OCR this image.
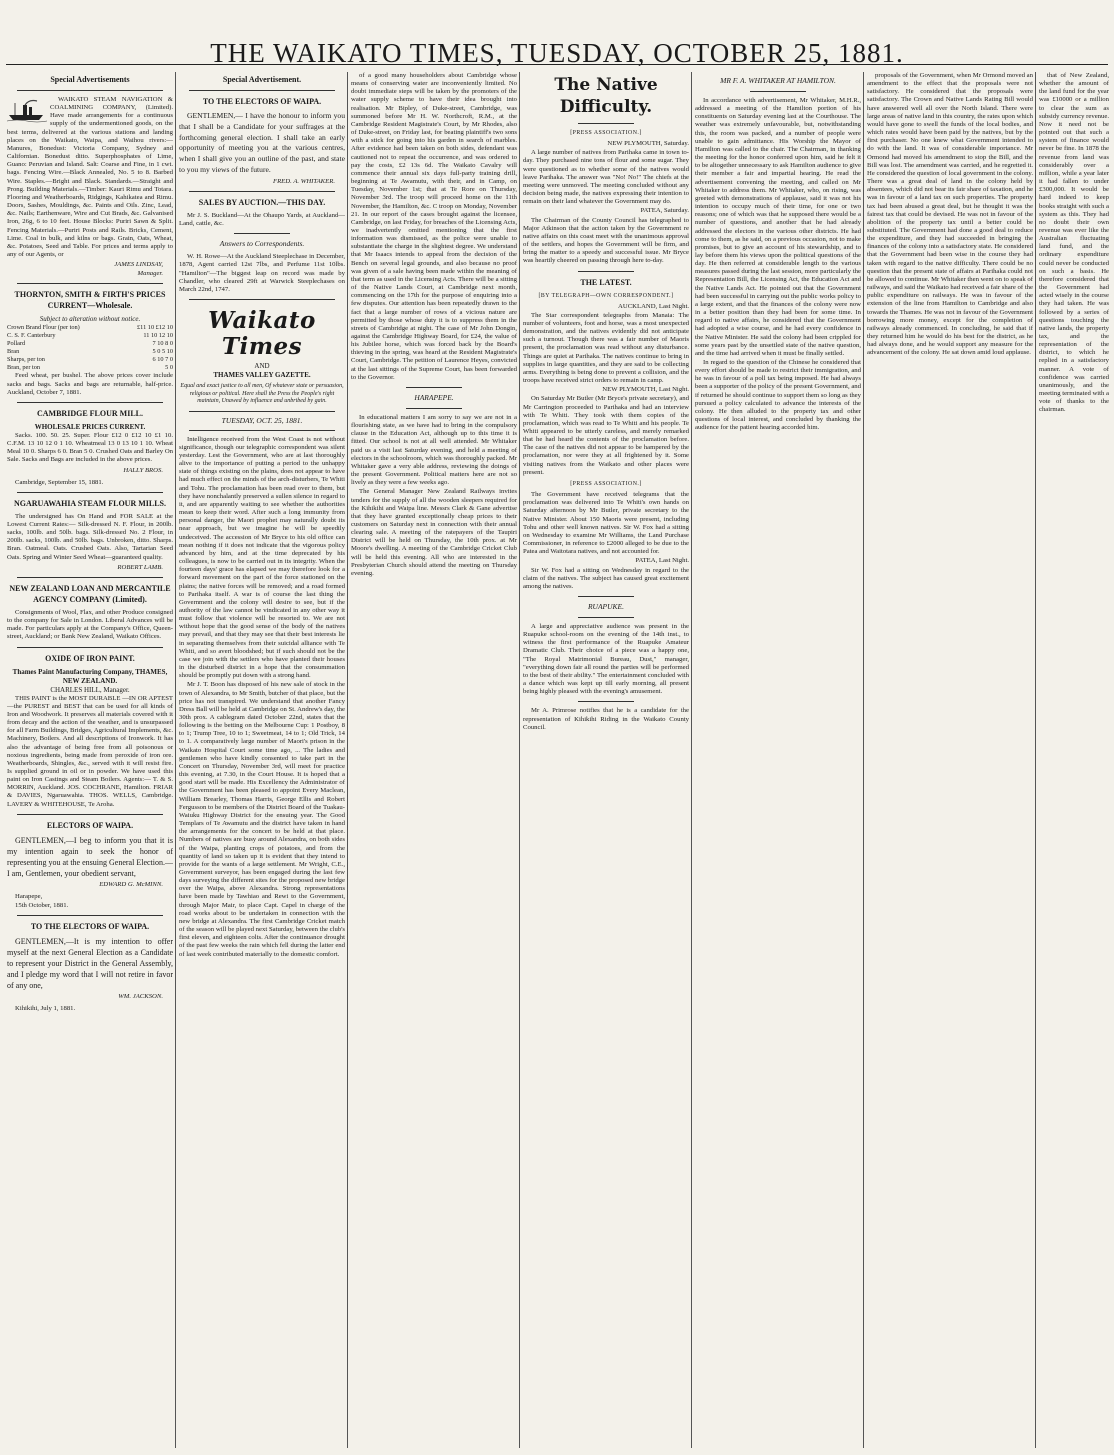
THE WAIKATO TIMES, TUESDAY, OCTOBER 25, 1881.
Special Advertisements
WAIKATO STEAM NAVIGATION & COALMINING COMPANY, (Limited). Have made arrangements for a continuous supply of the undermentioned goods, on the best terms, delivered at the various stations and landing places on the Waikato, Waipa, and Waihou rivers:— Manures, Bonedust: Victoria Company, Sydney and Californian. Bonedust ditto. Superphosphates of Lime, Guano: Peruvian and Island. Salt: Coarse and Fine, in 1 cwt. bags. Fencing Wire.—Black Annealed, No. 5 to 8. Barbed Wire. Staples.—Bright and Black. Standards.—Straight and Prong. Building Materials.—Timber: Kauri Rimu and Totara. Flooring and Weatherboards, Ridgings, Kahikatea and Rimu. Doors, Sashes, Mouldings, &c. Paints and Oils. Zinc, Lead, &c. Nails; Earthenware, Wire and Cut Brads, &c. Galvanised Iron, 26g, 6 to 10 feet. House Blocks: Puriri Sawn & Split. Fencing Materials.—Puriri Posts and Rails. Bricks, Cement, Lime. Coal in bulk, and kilns or bags. Grain, Oats, Wheat, &c. Potatoes, Seed and Table. For prices and terms apply to any of our Agents, or
JAMES LINDSAY,
Manager.
THORNTON, SMITH & FIRTH'S PRICES CURRENT—Wholesale.
Subject to alteration without notice.
Crown Brand Flour (per ton)	£11 10 £12 10
C. S. F. Canterbury	11 10 12 10
Pollard	7 10 8 0
Bran	5 0 5 10
Sharps, per ton	6 10 7 0
Bran, per ton	5 0
Feed wheat, per bushel. The above prices cover include sacks and bags. Sacks and bags are returnable, half-price. Auckland, October 7, 1881.
CAMBRIDGE FLOUR MILL.
WHOLESALE PRICES CURRENT.
Sacks. 100. 50. 25. Super. Flour £12 0 £12 10 £1 10. C.F.M. 13 10 12 0 1 10. Wheatmeal 13 0 13 10 1 10. Wheat Meal 10 0. Sharps 6 0. Bran 5 0. Crushed Oats and Barley On Sale. Sacks and Bags are included in the above prices.
HALLY BROS.
Cambridge, September 15, 1881.
NGARUAWAHIA STEAM FLOUR MILLS.
The undersigned has On Hand and FOR SALE at the Lowest Current Rates:— Silk-dressed N. F. Flour, in 200lb. sacks, 100lb. and 50lb. bags. Silk-dressed No. 2 Flour, in 200lb. sacks, 100lb. and 50lb. bags. Unbroken, ditto. Sharps. Bran. Oatmeal. Oats. Crushed Oats. Also, Tartarian Seed Oats. Spring and Winter Seed Wheat—guaranteed quality.
ROBERT LAMB.
NEW ZEALAND LOAN AND MERCANTILE AGENCY COMPANY (Limited).
Consignments of Wool, Flax, and other Produce consigned to the company for Sale in London. Liberal Advances will be made. For particulars apply at the Company's Office, Queen-street, Auckland; or Bank New Zealand, Waikato Offices.
OXIDE OF IRON PAINT.
Thames Paint Manufacturing Company, THAMES, NEW ZEALAND.
CHARLES HILL, Manager.
THIS PAINT is the MOST DURABLE —IN OR APTEST—the PUREST and BEST that can be used for all kinds of Iron and Woodwork. It preserves all materials covered with it from decay and the action of the weather, and is unsurpassed for all Farm Buildings, Bridges, Agricultural Implements, &c. Machinery, Boilers. And all descriptions of Ironwork. It has also the advantage of being free from all poisonous or noxious ingredients, being made from peroxide of iron ore. Weatherboards, Shingles, &c., served with it will resist fire. Is supplied ground in oil or in powder. We have used this paint on Iron Castings and Steam Boilers. Agents:— T. & S. MORRIN, Auckland. JOS. COCHRANE, Hamilton. FRIAR & DAVIES, Ngaruawahia. THOS. WELLS, Cambridge. LAVERY & WHITEHOUSE, Te Aroha.
ELECTORS OF WAIPA.
GENTLEMEN,—I beg to inform you that it is my intention again to seek the honor of representing you at the ensuing General Election.—I am, Gentlemen, your obedient servant,
EDWARD G. McMINN.
Harapepe,
15th October, 1881.
TO THE ELECTORS OF WAIPA.
GENTLEMEN,—It is my intention to offer myself at the next General Election as a Candidate to represent your District in the General Assembly, and I pledge my word that I will not retire in favor of any one,
WM. JACKSON.
Kihikihi, July 1, 1881.
Special Advertisement.
TO THE ELECTORS OF WAIPA.
GENTLEMEN,— I have the honour to inform you that I shall be a Candidate for your suffrages at the forthcoming general election. I shall take an early opportunity of meeting you at the various centres, when I shall give you an outline of the past, and state to you my views of the future.
FRED. A. WHITAKER.
SALES BY AUCTION.—THIS DAY.
Mr J. S. Buckland—At the Ohaupo Yards, at Auckland—Land, cattle, &c.
Answers to Correspondents.
W. H. Rowe—At the Auckland Steeplechase in December, 1878, Agent carried 12st 7lbs, and Perfume 11st 10lbs. "Hamilton"—The biggest leap on record was made by Chandler, who cleared 29ft at Warwick Steeplechases on March 22nd, 1747.
Waikato Times
AND
THAMES VALLEY GAZETTE.
Equal and exact justice to all men, Of whatever state or persuasion, religious or political. Here shall the Press the People's right maintain, Unawed by influence and unbribed by gain.
TUESDAY, OCT. 25, 1881.
Intelligence received from the West Coast is not without significance, though our telegraphic correspondent was silent yesterday. Lest the Government, who are at last thoroughly alive to the importance of putting a period to the unhappy state of things existing on the plains, does not appear to have had much effect on the minds of the arch-disturbers, Te Whiti and Tohu. The proclamation has been read over to them, but they have nonchalantly preserved a sullen silence in regard to it, and are apparently waiting to see whether the authorities mean to keep their word. After such a long immunity from personal danger, the Maori prophet may naturally doubt its near approach, but we imagine he will be speedily undeceived. The accession of Mr Bryce to his old office can mean nothing if it does not indicate that the vigorous policy advanced by him, and at the time deprecated by his colleagues, is now to be carried out in its integrity. When the fourteen days' grace has elapsed we may therefore look for a forward movement on the part of the force stationed on the plains; the native forces will be removed; and a road formed to Parihaka itself. A war is of course the last thing the Government and the colony will desire to see, but if the authority of the law cannot be vindicated in any other way it must follow that violence will be resorted to. We are not without hope that the good sense of the body of the natives may prevail, and that they may see that their best interests lie in separating themselves from their suicidal alliance with Te Whiti, and so avert bloodshed; but if such should not be the case we join with the settlers who have planted their houses in the disturbed district in a hope that the consummation should be promptly put down with a strong hand.
Mr J. T. Boon has disposed of his new sale of stock in the town of Alexandra, to Mr Smith, butcher of that place, but the price has not transpired. We understand that another Fancy Dress Ball will be held at Cambridge on St. Andrew's day, the 30th prox. A cablegram dated October 22nd, states that the following is the betting on the Melbourne Cup: 1 Postboy, 8 to 1; Trump Tree, 10 to 1; Sweetmeat, 14 to 1; Old Trick, 14 to 1. A comparatively large number of Maori's prison in the Waikato Hospital Court some time ago, ... The ladies and gentlemen who have kindly consented to take part in the Concert on Thursday, November 3rd, will meet for practice this evening, at 7.30, in the Court House. It is hoped that a good start will be made. His Excellency the Administrator of the Government has been pleased to appoint Every Maclean, William Brearley, Thomas Harris, George Ellis and Robert Fergusson to be members of the District Board of the Tuakau-Waiuku Highway District for the ensuing year. The Good Templars of Te Awamutu and the district have taken in hand the arrangements for the concert to be held at that place. Numbers of natives are busy around Alexandra, on both sides of the Waipa, planting crops of potatoes, and from the quantity of land so taken up it is evident that they intend to provide for the wants of a large settlement. Mr Wright, C.E., Government surveyor, has been engaged during the last few days surveying the different sites for the proposed new bridge over the Waipa, above Alexandra. Strong representations have been made by Tawhiao and Rewi to the Government, through Major Mair, to place Capt. Capel in charge of the road works about to be undertaken in connection with the new bridge at Alexandra. The first Cambridge Cricket match of the season will be played next Saturday, between the club's first eleven, and eighteen colts. After the continuance drought of the past few weeks the rain which fell during the latter end of last week contributed materially to the domestic comfort.
of a good many householders about Cambridge whose means of conserving water are inconveniently limited. No doubt immediate steps will be taken by the promoters of the water supply scheme to have their idea brought into realisation. Mr Bipley, of Duke-street, Cambridge, was summoned before Mr H. W. Northcroft, R.M., at the Cambridge Resident Magistrate's Court, by Mr Rhodes, also of Duke-street, on Friday last, for beating plaintiff's two sons with a stick for going into his garden in search of marbles. After evidence had been taken on both sides, defendant was cautioned not to repeat the occurrence, and was ordered to pay the costs, £2 13s 6d. The Waikato Cavalry will commence their annual six days full-party training drill, beginning at Te Awamutu, with their, and in Camp, on Tuesday, November 1st; that at Te Rore on Thursday, November 3rd. The troop will proceed home on the 11th November, the Hamilton, &c. C troop on Monday, November 21. In our report of the cases brought against the licensee, Cambridge, on last Friday, for breaches of the Licensing Acts, we inadvertently omitted mentioning that the first information was dismissed, as the police were unable to substantiate the charge in the slightest degree. We understand that Mr Isaacs intends to appeal from the decision of the Bench on several legal grounds, and also because no proof was given of a sale having been made within the meaning of that term as used in the Licensing Acts. There will be a sitting of the Native Lands Court, at Cambridge next month, commencing on the 17th for the purpose of enquiring into a few disputes. Our attention has been repeatedly drawn to the fact that a large number of rows of a vicious nature are permitted by those whose duty it is to suppress them in the streets of Cambridge at night. The case of Mr John Dongin, against the Cambridge Highway Board, for £24, the value of his Jubilee horse, which was forced back by the Board's thieving in the spring, was heard at the Resident Magistrate's Court, Cambridge. The petition of Laurence Heyes, convicted at the last sittings of the Supreme Court, has been forwarded to the Governor.
HARAPEPE.
In educational matters I am sorry to say we are not in a flourishing state, as we have had to bring in the compulsory clause in the Education Act, although up to this time it is fitted. Our school is not at all well attended. Mr Whitaker paid us a visit last Saturday evening, and held a meeting of electors in the schoolroom, which was thoroughly packed. Mr Whitaker gave a very able address, reviewing the doings of the present Government. Political matters here are not so lively as they were a few weeks ago.
The General Manager New Zealand Railways invites tenders for the supply of all the wooden sleepers required for the Kihikihi and Waipa line. Messrs Clark & Gane advertise that they have granted exceptionally cheap prices to their customers on Saturday next in connection with their annual clearing sale. A meeting of the ratepayers of the Taupiri District will be held on Thursday, the 10th prox. at Mr Moore's dwelling. A meeting of the Cambridge Cricket Club will be held this evening. All who are interested in the Presbyterian Church should attend the meeting on Thursday evening.
The Native Difficulty.
[PRESS ASSOCIATION.]
NEW PLYMOUTH, Saturday.
A large number of natives from Parihaka came in town to-day. They purchased nine tons of flour and some sugar. They were questioned as to whether some of the natives would leave Parihaka. The answer was "No! No!" The chiefs at the meeting were unmoved. The meeting concluded without any decision being made, the natives expressing their intention to remain on their land whatever the Government may do.
PATEA, Saturday.
The Chairman of the County Council has telegraphed to Major Atkinson that the action taken by the Government re native affairs on this coast meet with the unanimous approval of the settlers, and hopes the Government will be firm, and bring the matter to a speedy and successful issue. Mr Bryce was heartily cheered on passing through here to-day.
THE LATEST.
[BY TELEGRAPH—OWN CORRESPONDENT.]
AUCKLAND, Last Night.
The Star correspondent telegraphs from Manaia: The number of volunteers, foot and horse, was a most unexpected demonstration, and the natives evidently did not anticipate such a turnout. Though there was a fair number of Maoris present, the proclamation was read without any disturbance. Things are quiet at Parihaka. The natives continue to bring in supplies in large quantities, and they are said to be collecting arms. Everything is being done to prevent a collision, and the troops have received strict orders to remain in camp.
NEW PLYMOUTH, Last Night.
On Saturday Mr Butler (Mr Bryce's private secretary), and Mr Carrington proceeded to Parihaka and had an interview with Te Whiti. They took with them copies of the proclamation, which was read to Te Whiti and his people. Te Whiti appeared to be utterly careless, and merely remarked that he had heard the contents of the proclamation before. The case of the natives did not appear to be hampered by the proclamation, nor were they at all frightened by it. Some visiting natives from the Waikato and other places were present.
[PRESS ASSOCIATION.]
The Government have received telegrams that the proclamation was delivered into Te Whiti's own hands on Saturday afternoon by Mr Butler, private secretary to the Native Minister. About 150 Maoris were present, including Tohu and other well known natives. Sir W. Fox had a sitting on Wednesday to examine Mr Williams, the Land Purchase Commissioner, in reference to £2000 alleged to be due to the Patea and Waitotara natives, and not accounted for.
PATEA, Last Night.
Sir W. Fox had a sitting on Wednesday in regard to the claim of the natives. The subject has caused great excitement among the natives.
RUAPUKE.
A large and appreciative audience was present in the Ruapuke school-room on the evening of the 14th inst., to witness the first performance of the Ruapuke Amateur Dramatic Club. Their choice of a piece was a happy one, "The Royal Matrimonial Bureau, Dust," manager, "everything down fair all round the parties will be performed to the best of their ability." The entertainment concluded with a dance which was kept up till early morning, all present being highly pleased with the evening's amusement.
Mr A. Primrose notifies that he is a candidate for the representation of Kihikihi Riding in the Waikato County Council.
MR F. A. WHITAKER AT HAMILTON.
In accordance with advertisement, Mr Whitaker, M.H.R., addressed a meeting of the Hamilton portion of his constituents on Saturday evening last at the Courthouse. The weather was extremely unfavourable, but, notwithstanding this, the room was packed, and a number of people were unable to gain admittance. His Worship the Mayor of Hamilton was called to the chair. The Chairman, in thanking the meeting for the honor conferred upon him, said he felt it to be altogether unnecessary to ask Hamilton audience to give their member a fair and impartial hearing. He read the advertisement convening the meeting, and called on Mr Whitaker to address them. Mr Whitaker, who, on rising, was greeted with demonstrations of applause, said it was not his intention to occupy much of their time, for one or two reasons; one of which was that he supposed there would be a number of questions, and another that he had already addressed the electors in the various other districts. He had come to them, as he said, on a previous occasion, not to make promises, but to give an account of his stewardship, and to lay before them his views upon the political questions of the day. He then referred at considerable length to the various measures passed during the last session, more particularly the Representation Bill, the Licensing Act, the Education Act and the Native Lands Act. He pointed out that the Government had been successful in carrying out the public works policy to a large extent, and that the finances of the colony were now in a better position than they had been for some time. In regard to native affairs, he considered that the Government had adopted a wise course, and he had every confidence in the Native Minister. He said the colony had been crippled for some years past by the unsettled state of the native question, and the time had arrived when it must be finally settled.
In regard to the question of the Chinese he considered that every effort should be made to restrict their immigration, and he was in favour of a poll tax being imposed. He had always been a supporter of the policy of the present Government, and if returned he should continue to support them so long as they pursued a policy calculated to advance the interests of the colony. He then alluded to the property tax and other questions of local interest, and concluded by thanking the audience for the patient hearing accorded him.
proposals of the Government, when Mr Ormond moved an amendment to the effect that the proposals were not satisfactory. He considered that the proposals were satisfactory. The Crown and Native Lands Rating Bill would have answered well all over the North Island. There were large areas of native land in this country, the rates upon which would have gone to swell the funds of the local bodies, and which rates would have been paid by the natives, but by the first purchaser. No one knew what Government intended to do with the land. It was of considerable importance. Mr Ormond had moved his amendment to stop the Bill, and the Bill was lost. The amendment was carried, and he regretted it. He considered the question of local government in the colony. There was a great deal of land in the colony held by absentees, which did not bear its fair share of taxation, and he was in favour of a land tax on such properties. The property tax had been abused a great deal, but he thought it was the fairest tax that could be devised. He was not in favour of the abolition of the property tax until a better could be substituted. The Government had done a good deal to reduce the expenditure, and they had succeeded in bringing the finances of the colony into a satisfactory state. He considered that the Government had been wise in the course they had taken with regard to the native difficulty. There could be no question that the present state of affairs at Parihaka could not be allowed to continue. Mr Whitaker then went on to speak of railways, and said the Waikato had received a fair share of the public expenditure on railways. He was in favour of the extension of the line from Hamilton to Cambridge and also towards the Thames. He was not in favour of the Government borrowing more money, except for the completion of railways already commenced. In concluding, he said that if they returned him he would do his best for the district, as he had always done, and he would support any measure for the advancement of the colony. He sat down amid loud applause.
that of New Zealand, whether the amount of the land fund for the year was £10000 or a million to clear the sum as subsidy currency revenue. Now it need not be pointed out that such a system of finance would never be fine. In 1878 the revenue from land was considerably over a million, while a year later it had fallen to under £300,000. It would be hard indeed to keep books straight with such a system as this. They had no doubt their own revenue was ever like the Australian fluctuating land fund, and the ordinary expenditure could never be conducted on such a basis. He therefore considered that the Government had acted wisely in the course they had taken. He was followed by a series of questions touching the native lands, the property tax, and the representation of the district, to which he replied in a satisfactory manner. A vote of confidence was carried unanimously, and the meeting terminated with a vote of thanks to the chairman.
